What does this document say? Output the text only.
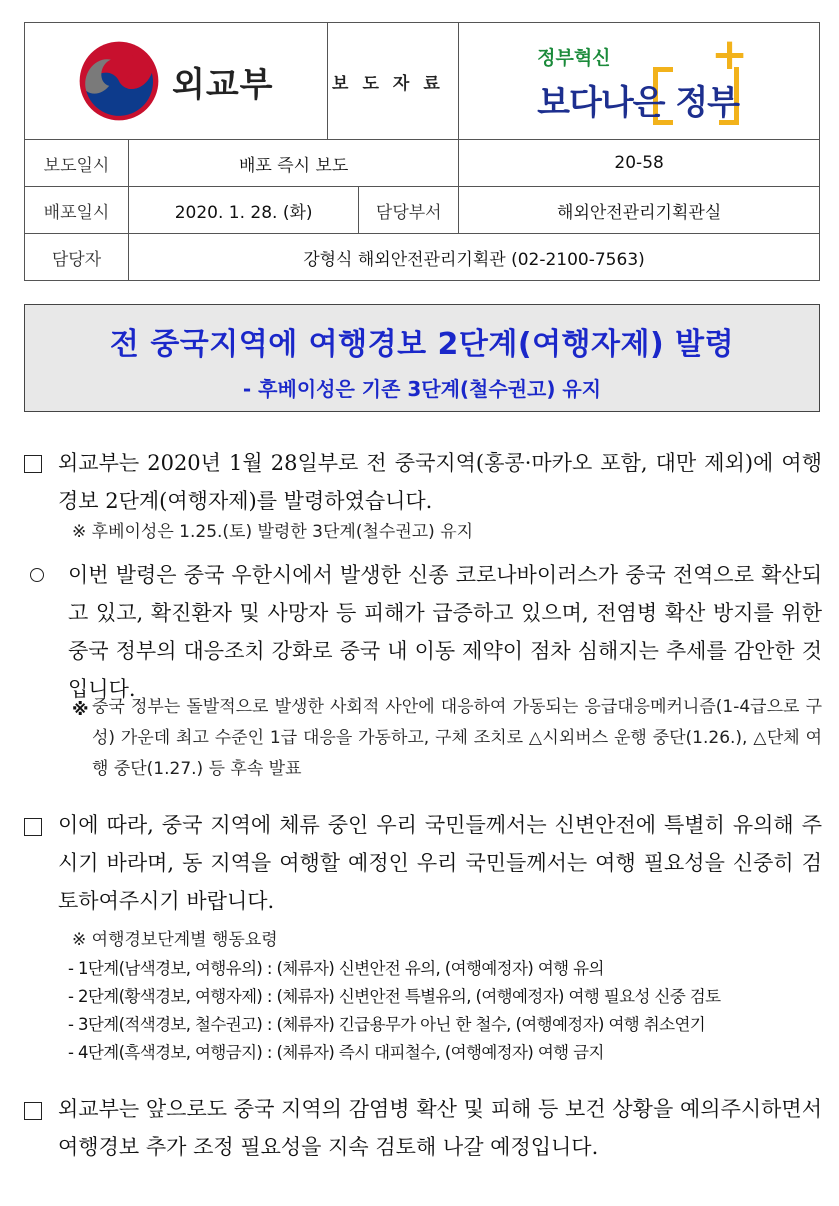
외교부		보도자료		정부혁신 +
보다나은 정부

보도일시	배포 즉시 보도			20-58
배포일시	2020. 1. 28. (화)		담당부서	해외안전관리기획관실
담당자	강형식 해외안전관리기획관 (02-2100-7563)			
전 중국지역에 여행경보 2단계(여행자제) 발령
- 후베이성은 기존 3단계(철수권고) 유지
외교부는 2020년 1월 28일부로 전 중국지역(홍콩·마카오 포함, 대만 제외)에 여행경보 2단계(여행자제)를 발령하였습니다.
※ 후베이성은 1.25.(토) 발령한 3단계(철수권고) 유지
이번 발령은 중국 우한시에서 발생한 신종 코로나바이러스가 중국 전역으로 확산되고 있고, 확진환자 및 사망자 등 피해가 급증하고 있으며, 전염병 확산 방지를 위한 중국 정부의 대응조치 강화로 중국 내 이동 제약이 점차 심해지는 추세를 감안한 것입니다.
※ 중국 정부는 돌발적으로 발생한 사회적 사안에 대응하여 가동되는 응급대응메커니즘(1-4급으로 구성) 가운데 최고 수준인 1급 대응을 가동하고, 구체 조치로 △시외버스 운행 중단(1.26.), △단체 여행 중단(1.27.) 등 후속 발표
이에 따라, 중국 지역에 체류 중인 우리 국민들께서는 신변안전에 특별히 유의해 주시기 바라며, 동 지역을 여행할 예정인 우리 국민들께서는 여행 필요성을 신중히 검토하여주시기 바랍니다.
※ 여행경보단계별 행동요령
- 1단계(남색경보, 여행유의) : (체류자) 신변안전 유의, (여행예정자) 여행 유의
- 2단계(황색경보, 여행자제) : (체류자) 신변안전 특별유의, (여행예정자) 여행 필요성 신중 검토
- 3단계(적색경보, 철수권고) : (체류자) 긴급용무가 아닌 한 철수, (여행예정자) 여행 취소연기
- 4단계(흑색경보, 여행금지) : (체류자) 즉시 대피철수, (여행예정자) 여행 금지
외교부는 앞으로도 중국 지역의 감염병 확산 및 피해 등 보건 상황을 예의주시하면서 여행경보 추가 조정 필요성을 지속 검토해 나갈 예정입니다.
